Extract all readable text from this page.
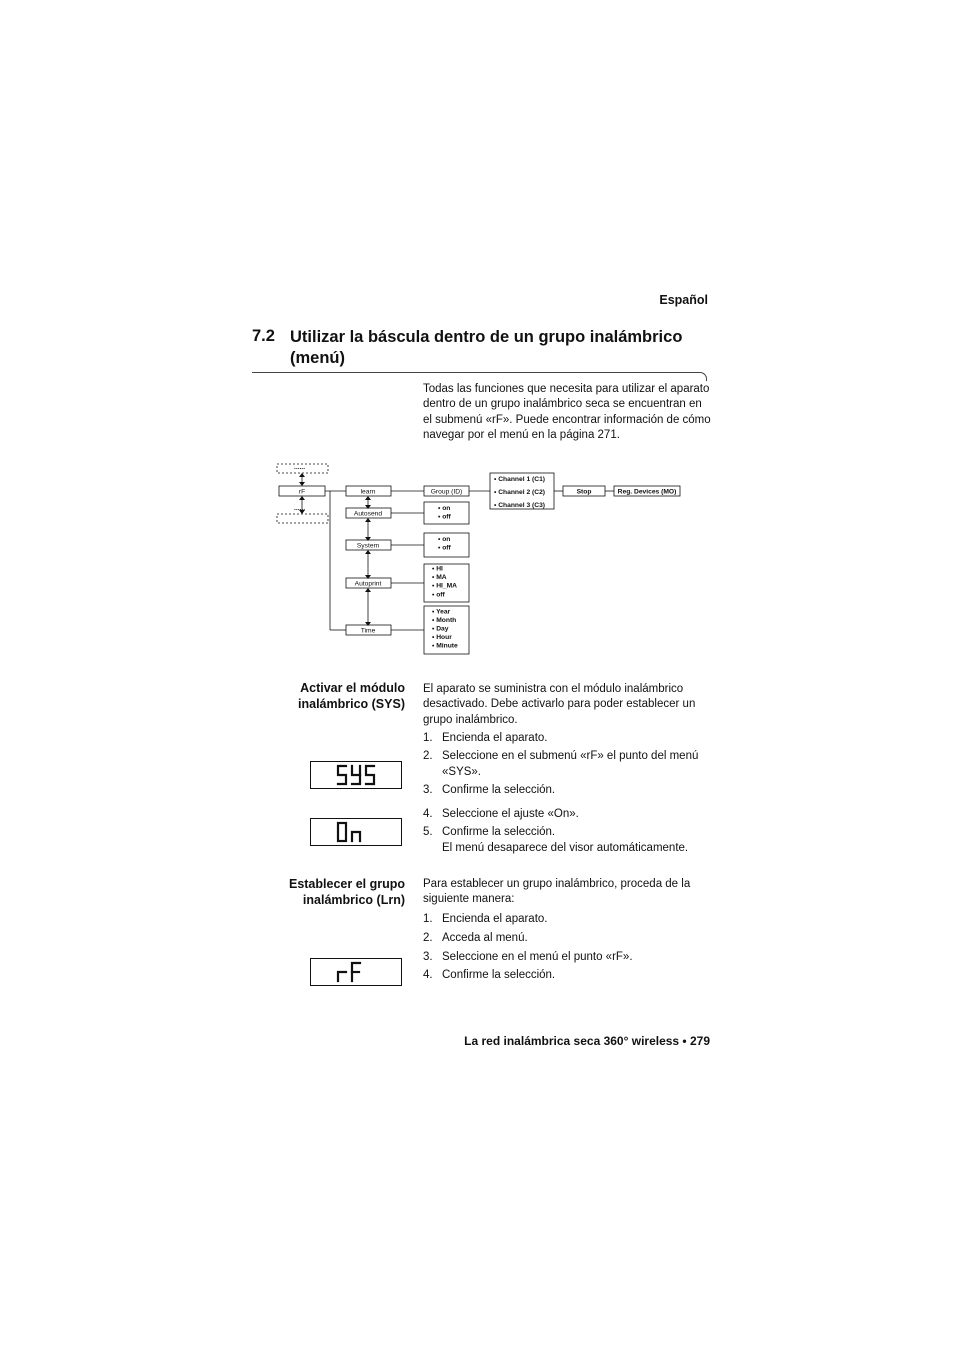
Español
7.2 Utilizar la báscula dentro de un grupo inalámbrico (menú)
Todas las funciones que necesita para utilizar el aparato dentro de un grupo inalámbrico seca se encuentran en el submenú «rF». Puede encontrar información de cómo navegar por el menú en la página 271.
......
......
rF	learn
Autosend
System
Autoprint
Time
Group (ID)
• Channel 1 (C1)
• Channel 2 (C2)
• Channel 3 (C3)
Stop	Reg. Devices (MO)
• on
• off
• on
• off
• HI
• MA
• HI_MA
• off
• Year
• Month
• Day
• Hour
• Minute
Activar el módulo
inalámbrico (SYS)
El aparato se suministra con el módulo inalámbrico desactivado. Debe activarlo para poder establecer un grupo inalámbrico.
1. Encienda el aparato.
2. Seleccione en el submenú «rF» el punto del menú «SYS».
3. Confirme la selección.
4. Seleccione el ajuste «On».
5. Confirme la selección.
El menú desaparece del visor automáticamente.
Establecer el grupo
inalámbrico (Lrn)
Para establecer un grupo inalámbrico, proceda de la siguiente manera:
1. Encienda el aparato.
2. Acceda al menú.
3. Seleccione en el menú el punto «rF».
4. Confirme la selección.
La red inalámbrica seca 360° wireless • 279
